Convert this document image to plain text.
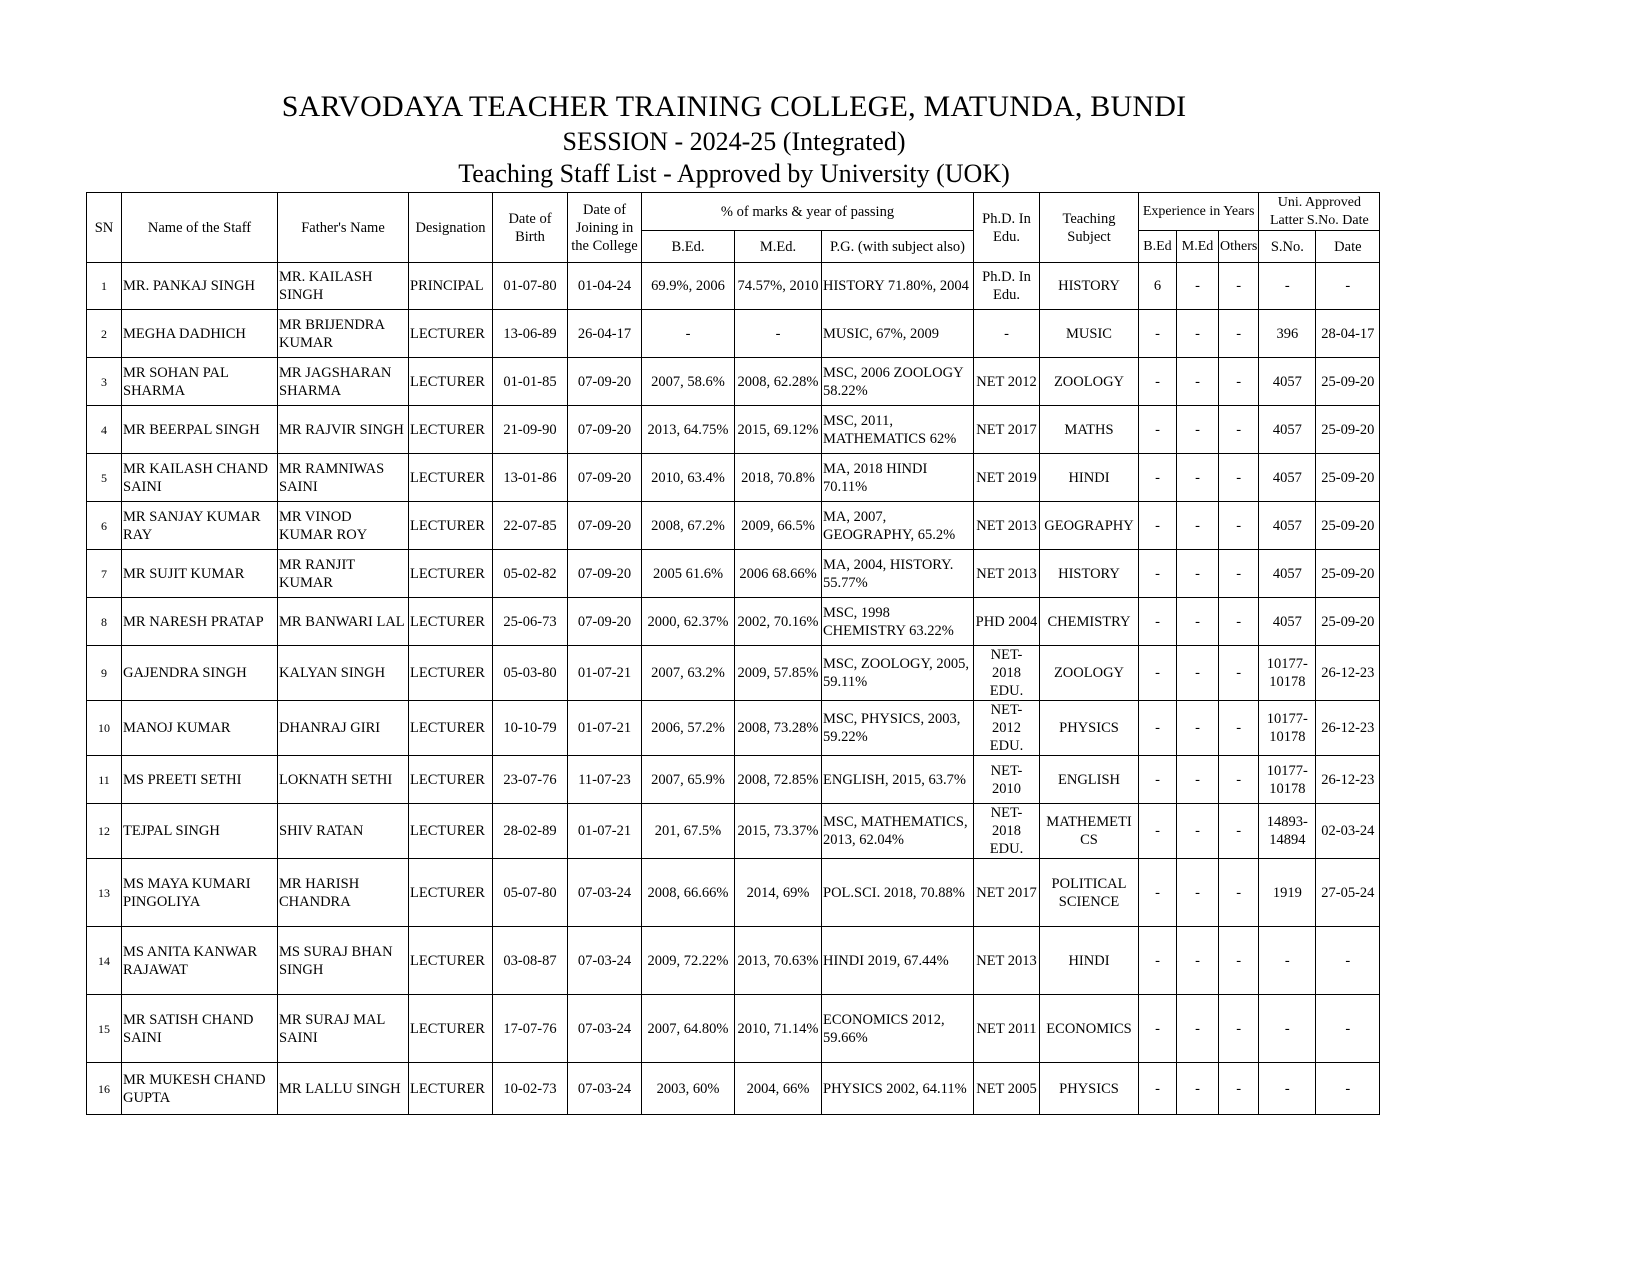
SARVODAYA TEACHER TRAINING COLLEGE, MATUNDA, BUNDI
SESSION - 2024-25 (Integrated)
Teaching Staff List - Approved by University (UOK)
SN	Name of the Staff	Father's Name	Designation	Date of Birth	Date of Joining in the College	% of marks & year of passing			Ph.D. In Edu.	Teaching Subject	Experience in Years			Uni. Approved Latter S.No. Date	
						B.Ed.	M.Ed.	P.G. (with subject also)			B.Ed	M.Ed	Others	S.No.	Date
1	MR. PANKAJ SINGH	MR. KAILASH SINGH	PRINCIPAL	01-07-80	01-04-24	69.9%, 2006	74.57%, 2010	HISTORY 71.80%, 2004	Ph.D. In Edu.	HISTORY	6	-	-	-	-
2	MEGHA DADHICH	MR BRIJENDRA KUMAR	LECTURER	13-06-89	26-04-17	-	-	MUSIC, 67%, 2009	-	MUSIC	-	-	-	396	28-04-17
3	MR SOHAN PAL SHARMA	MR JAGSHARAN SHARMA	LECTURER	01-01-85	07-09-20	2007, 58.6%	2008, 62.28%	MSC, 2006 ZOOLOGY 58.22%	NET 2012	ZOOLOGY	-	-	-	4057	25-09-20
4	MR BEERPAL SINGH	MR RAJVIR SINGH	LECTURER	21-09-90	07-09-20	2013, 64.75%	2015, 69.12%	MSC, 2011, MATHEMATICS 62%	NET 2017	MATHS	-	-	-	4057	25-09-20
5	MR KAILASH CHAND SAINI	MR RAMNIWAS SAINI	LECTURER	13-01-86	07-09-20	2010, 63.4%	2018, 70.8%	MA, 2018 HINDI 70.11%	NET 2019	HINDI	-	-	-	4057	25-09-20
6	MR SANJAY KUMAR RAY	MR VINOD KUMAR ROY	LECTURER	22-07-85	07-09-20	2008, 67.2%	2009, 66.5%	MA, 2007, GEOGRAPHY, 65.2%	NET 2013	GEOGRAPHY	-	-	-	4057	25-09-20
7	MR SUJIT KUMAR	MR RANJIT KUMAR	LECTURER	05-02-82	07-09-20	2005 61.6%	2006 68.66%	MA, 2004, HISTORY. 55.77%	NET 2013	HISTORY	-	-	-	4057	25-09-20
8	MR NARESH PRATAP	MR BANWARI LAL	LECTURER	25-06-73	07-09-20	2000, 62.37%	2002, 70.16%	MSC, 1998 CHEMISTRY 63.22%	PHD 2004	CHEMISTRY	-	-	-	4057	25-09-20
9	GAJENDRA SINGH	KALYAN SINGH	LECTURER	05-03-80	01-07-21	2007, 63.2%	2009, 57.85%	MSC, ZOOLOGY, 2005, 59.11%	NET- 2018 EDU.	ZOOLOGY	-	-	-	10177- 10178	26-12-23
10	MANOJ KUMAR	DHANRAJ GIRI	LECTURER	10-10-79	01-07-21	2006, 57.2%	2008, 73.28%	MSC, PHYSICS, 2003, 59.22%	NET- 2012 EDU.	PHYSICS	-	-	-	10177- 10178	26-12-23
11	MS PREETI SETHI	LOKNATH SETHI	LECTURER	23-07-76	11-07-23	2007, 65.9%	2008, 72.85%	ENGLISH, 2015, 63.7%	NET- 2010	ENGLISH	-	-	-	10177- 10178	26-12-23
12	TEJPAL SINGH	SHIV RATAN	LECTURER	28-02-89	01-07-21	201, 67.5%	2015, 73.37%	MSC, MATHEMATICS, 2013, 62.04%	NET- 2018 EDU.	MATHEMETI CS	-	-	-	14893- 14894	02-03-24
13	MS MAYA KUMARI PINGOLIYA	MR HARISH CHANDRA	LECTURER	05-07-80	07-03-24	2008, 66.66%	2014, 69%	POL.SCI. 2018, 70.88%	NET 2017	POLITICAL SCIENCE	-	-	-	1919	27-05-24
14	MS ANITA KANWAR RAJAWAT	MS SURAJ BHAN SINGH	LECTURER	03-08-87	07-03-24	2009, 72.22%	2013, 70.63%	HINDI 2019, 67.44%	NET 2013	HINDI	-	-	-	-	-
15	MR SATISH CHAND SAINI	MR SURAJ MAL SAINI	LECTURER	17-07-76	07-03-24	2007, 64.80%	2010, 71.14%	ECONOMICS 2012, 59.66%	NET 2011	ECONOMICS	-	-	-	-	-
16	MR MUKESH CHAND GUPTA	MR LALLU SINGH	LECTURER	10-02-73	07-03-24	2003, 60%	2004, 66%	PHYSICS 2002, 64.11%	NET 2005	PHYSICS	-	-	-	-	-
